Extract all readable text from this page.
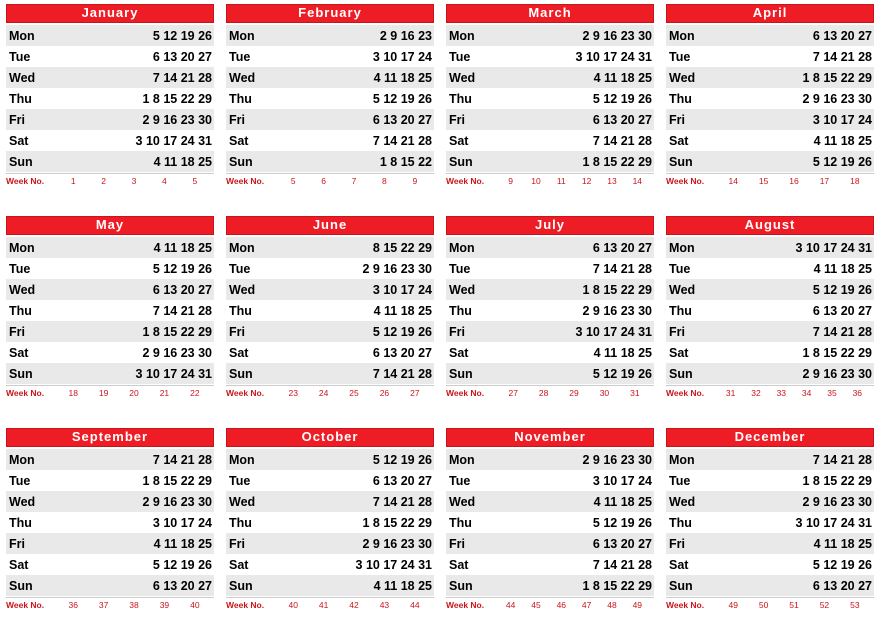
January
Mon	5 12 19 26
Tue	6 13 20 27
Wed	7 14 21 28
Thu	1 8 15 22 29
Fri	2 9 16 23 30
Sat	3 10 17 24 31
Sun	4 11 18 25
Week No.	1	2	3	4	5
February
Mon	2 9 16 23
Tue	3 10 17 24
Wed	4 11 18 25
Thu	5 12 19 26
Fri	6 13 20 27
Sat	7 14 21 28
Sun	1 8 15 22
Week No.	5	6	7	8	9
March
Mon	2 9 16 23 30
Tue	3 10 17 24 31
Wed	4 11 18 25
Thu	5 12 19 26
Fri	6 13 20 27
Sat	7 14 21 28
Sun	1 8 15 22 29
Week No.	9	10	11	12	13	14
April
Mon	6 13 20 27
Tue	7 14 21 28
Wed	1 8 15 22 29
Thu	2 9 16 23 30
Fri	3 10 17 24
Sat	4 11 18 25
Sun	5 12 19 26
Week No.	14	15	16	17	18
May
Mon	4 11 18 25
Tue	5 12 19 26
Wed	6 13 20 27
Thu	7 14 21 28
Fri	1 8 15 22 29
Sat	2 9 16 23 30
Sun	3 10 17 24 31
Week No.	18	19	20	21	22
June
Mon	8 15 22 29
Tue	2 9 16 23 30
Wed	3 10 17 24
Thu	4 11 18 25
Fri	5 12 19 26
Sat	6 13 20 27
Sun	7 14 21 28
Week No.	23	24	25	26	27
July
Mon	6 13 20 27
Tue	7 14 21 28
Wed	1 8 15 22 29
Thu	2 9 16 23 30
Fri	3 10 17 24 31
Sat	4 11 18 25
Sun	5 12 19 26
Week No.	27	28	29	30	31
August
Mon	3 10 17 24 31
Tue	4 11 18 25
Wed	5 12 19 26
Thu	6 13 20 27
Fri	7 14 21 28
Sat	1 8 15 22 29
Sun	2 9 16 23 30
Week No.	31	32	33	34	35	36
September
Mon	7 14 21 28
Tue	1 8 15 22 29
Wed	2 9 16 23 30
Thu	3 10 17 24
Fri	4 11 18 25
Sat	5 12 19 26
Sun	6 13 20 27
Week No.	36	37	38	39	40
October
Mon	5 12 19 26
Tue	6 13 20 27
Wed	7 14 21 28
Thu	1 8 15 22 29
Fri	2 9 16 23 30
Sat	3 10 17 24 31
Sun	4 11 18 25
Week No.	40	41	42	43	44
November
Mon	2 9 16 23 30
Tue	3 10 17 24
Wed	4 11 18 25
Thu	5 12 19 26
Fri	6 13 20 27
Sat	7 14 21 28
Sun	1 8 15 22 29
Week No.	44	45	46	47	48	49
December
Mon	7 14 21 28
Tue	1 8 15 22 29
Wed	2 9 16 23 30
Thu	3 10 17 24 31
Fri	4 11 18 25
Sat	5 12 19 26
Sun	6 13 20 27
Week No.	49	50	51	52	53
